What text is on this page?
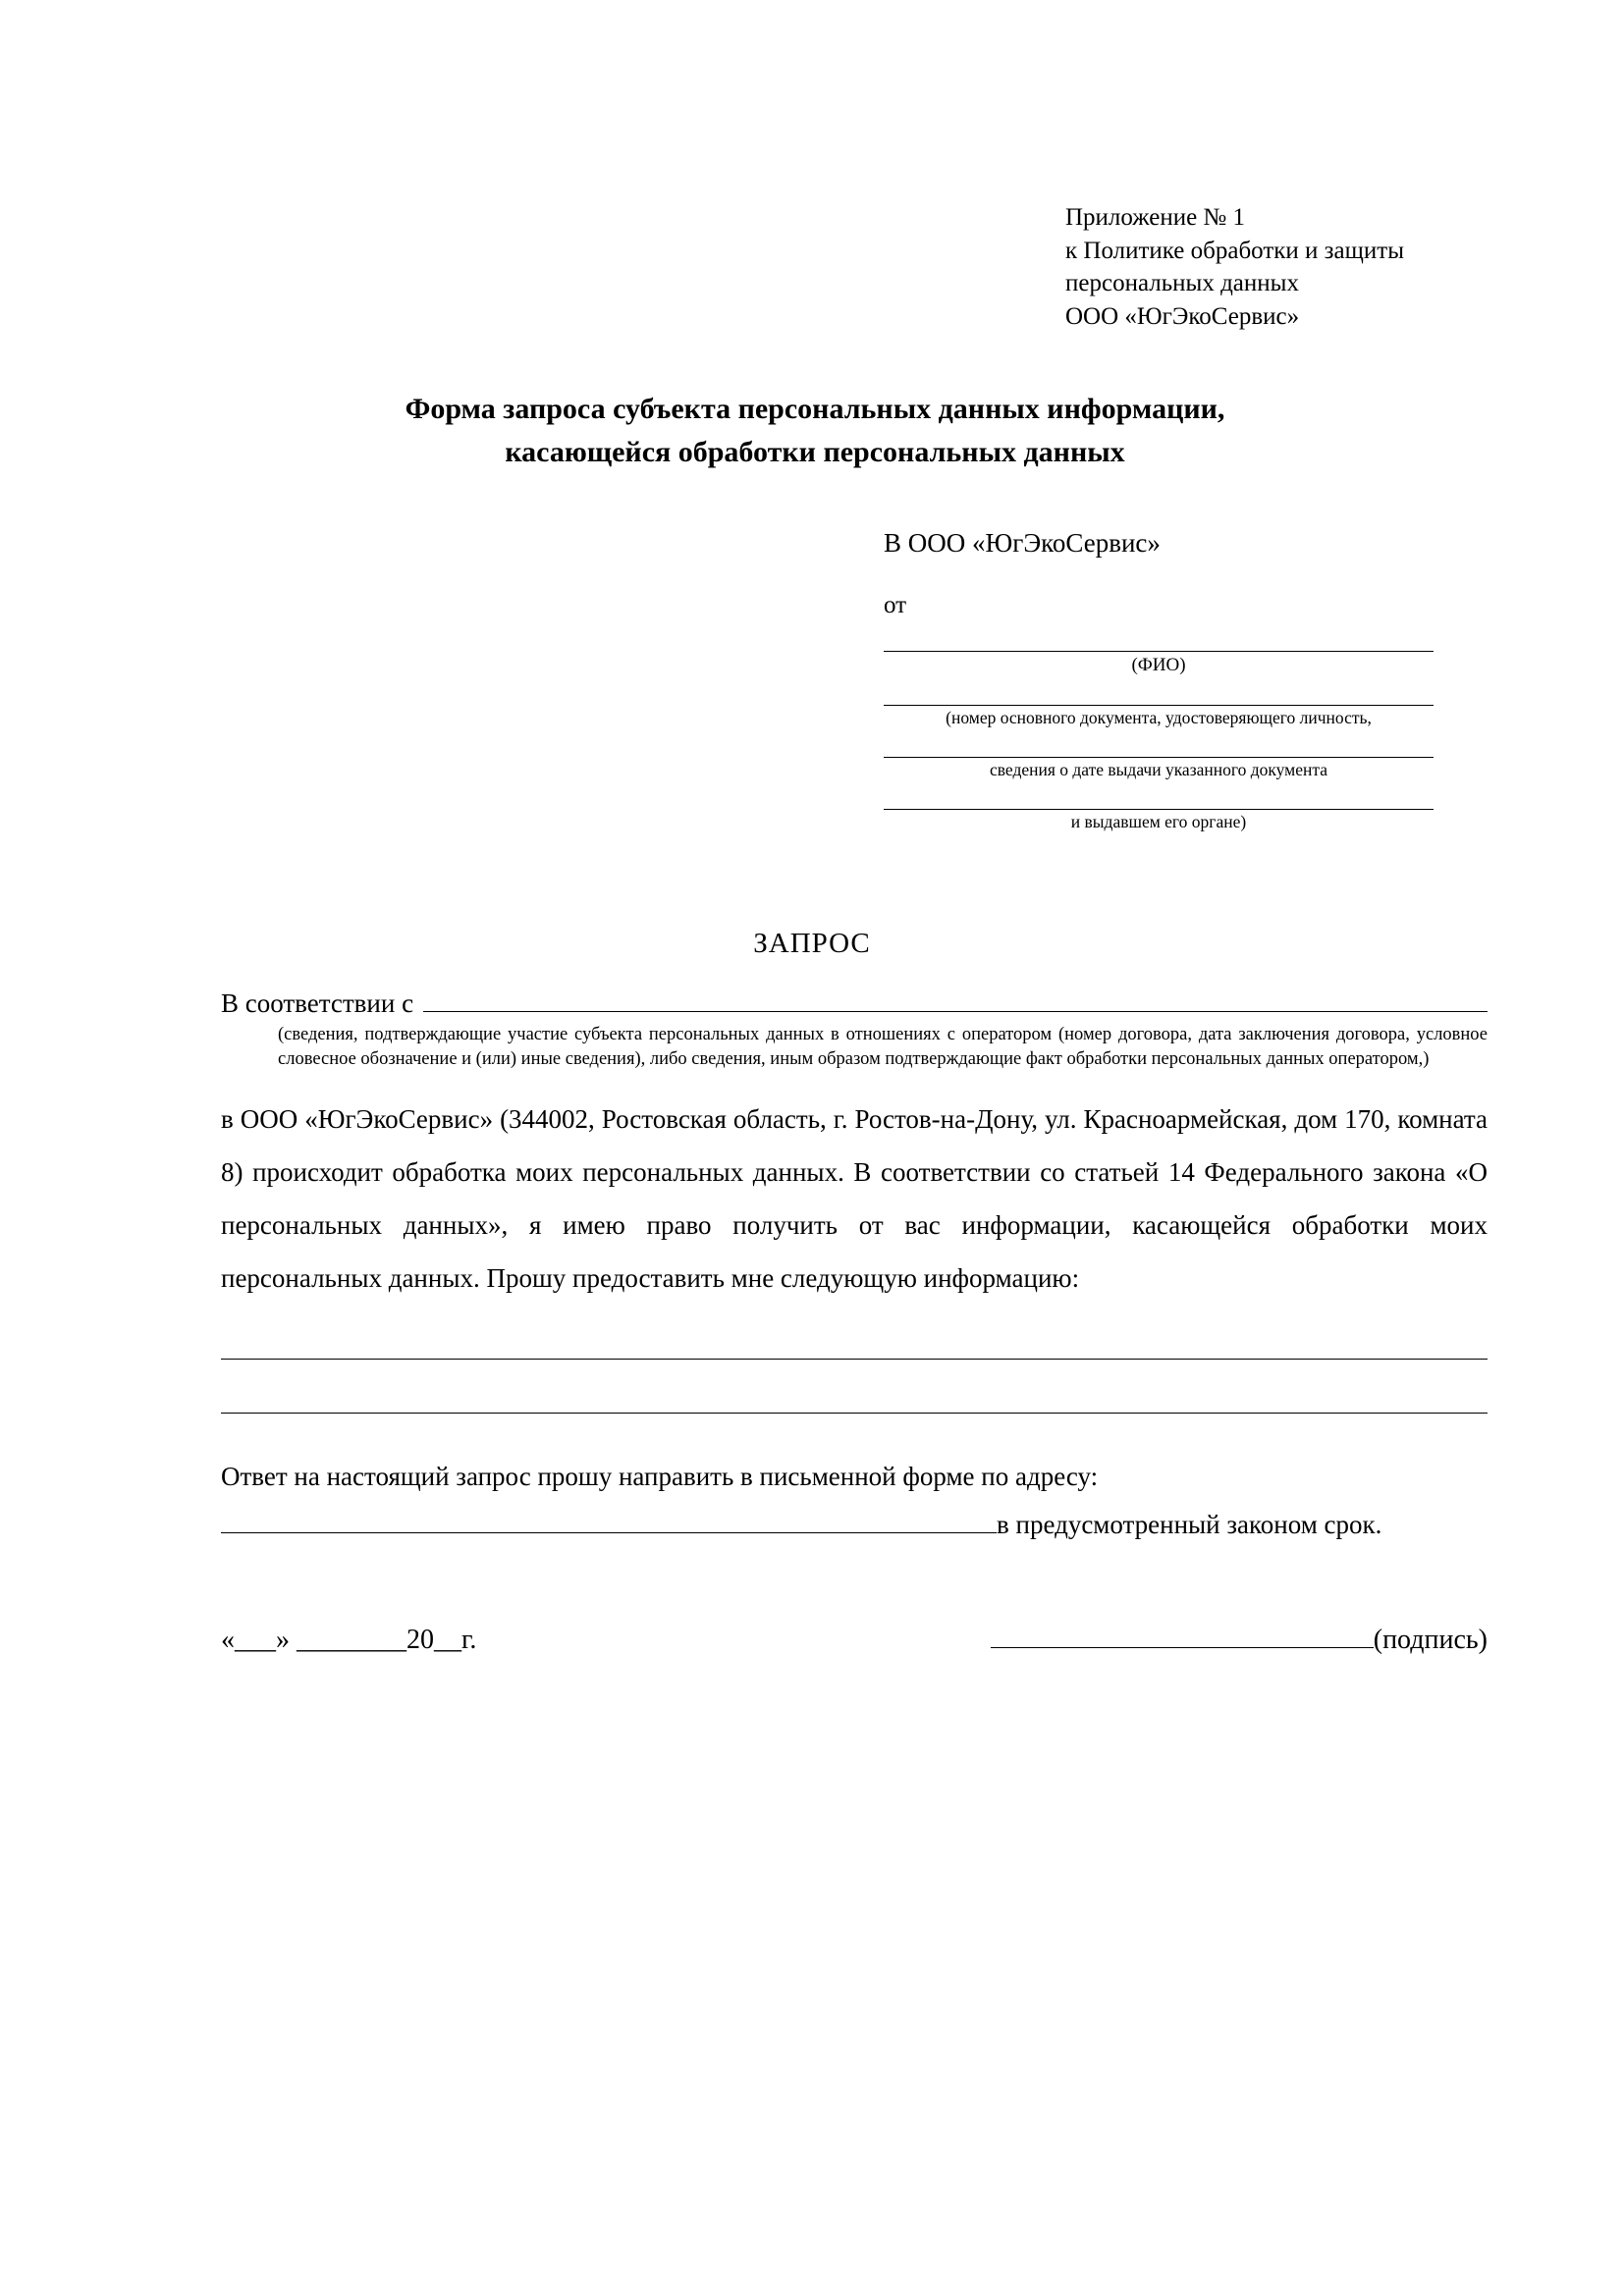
Приложение № 1
к Политике обработки и защиты
персональных данных
ООО «ЮгЭкоСервис»
Форма запроса субъекта персональных данных информации,
касающейся обработки персональных данных
В ООО «ЮгЭкоСервис»
от
(ФИО)
(номер основного документа, удостоверяющего личность,
сведения о дате выдачи указанного документа
и выдавшем его органе)
ЗАПРОС
В соответствии с
(сведения, подтверждающие участие субъекта персональных данных в отношениях с оператором (номер договора, дата заключения договора, условное словесное обозначение и (или) иные сведения), либо сведения, иным образом подтверждающие факт обработки персональных данных оператором,)
в ООО «ЮгЭкоСервис» (344002, Ростовская область, г. Ростов-на-Дону, ул. Красноармейская, дом 170, комната 8) происходит обработка моих персональных данных. В соответствии со статьей 14 Федерального закона «О персональных данных», я имею право получить от вас информации, касающейся обработки моих персональных данных. Прошу предоставить мне следующую информацию:
Ответ на настоящий запрос прошу направить в письменной форме по адресу:
в предусмотренный законом срок.
«___» ________20__г.	(подпись)
